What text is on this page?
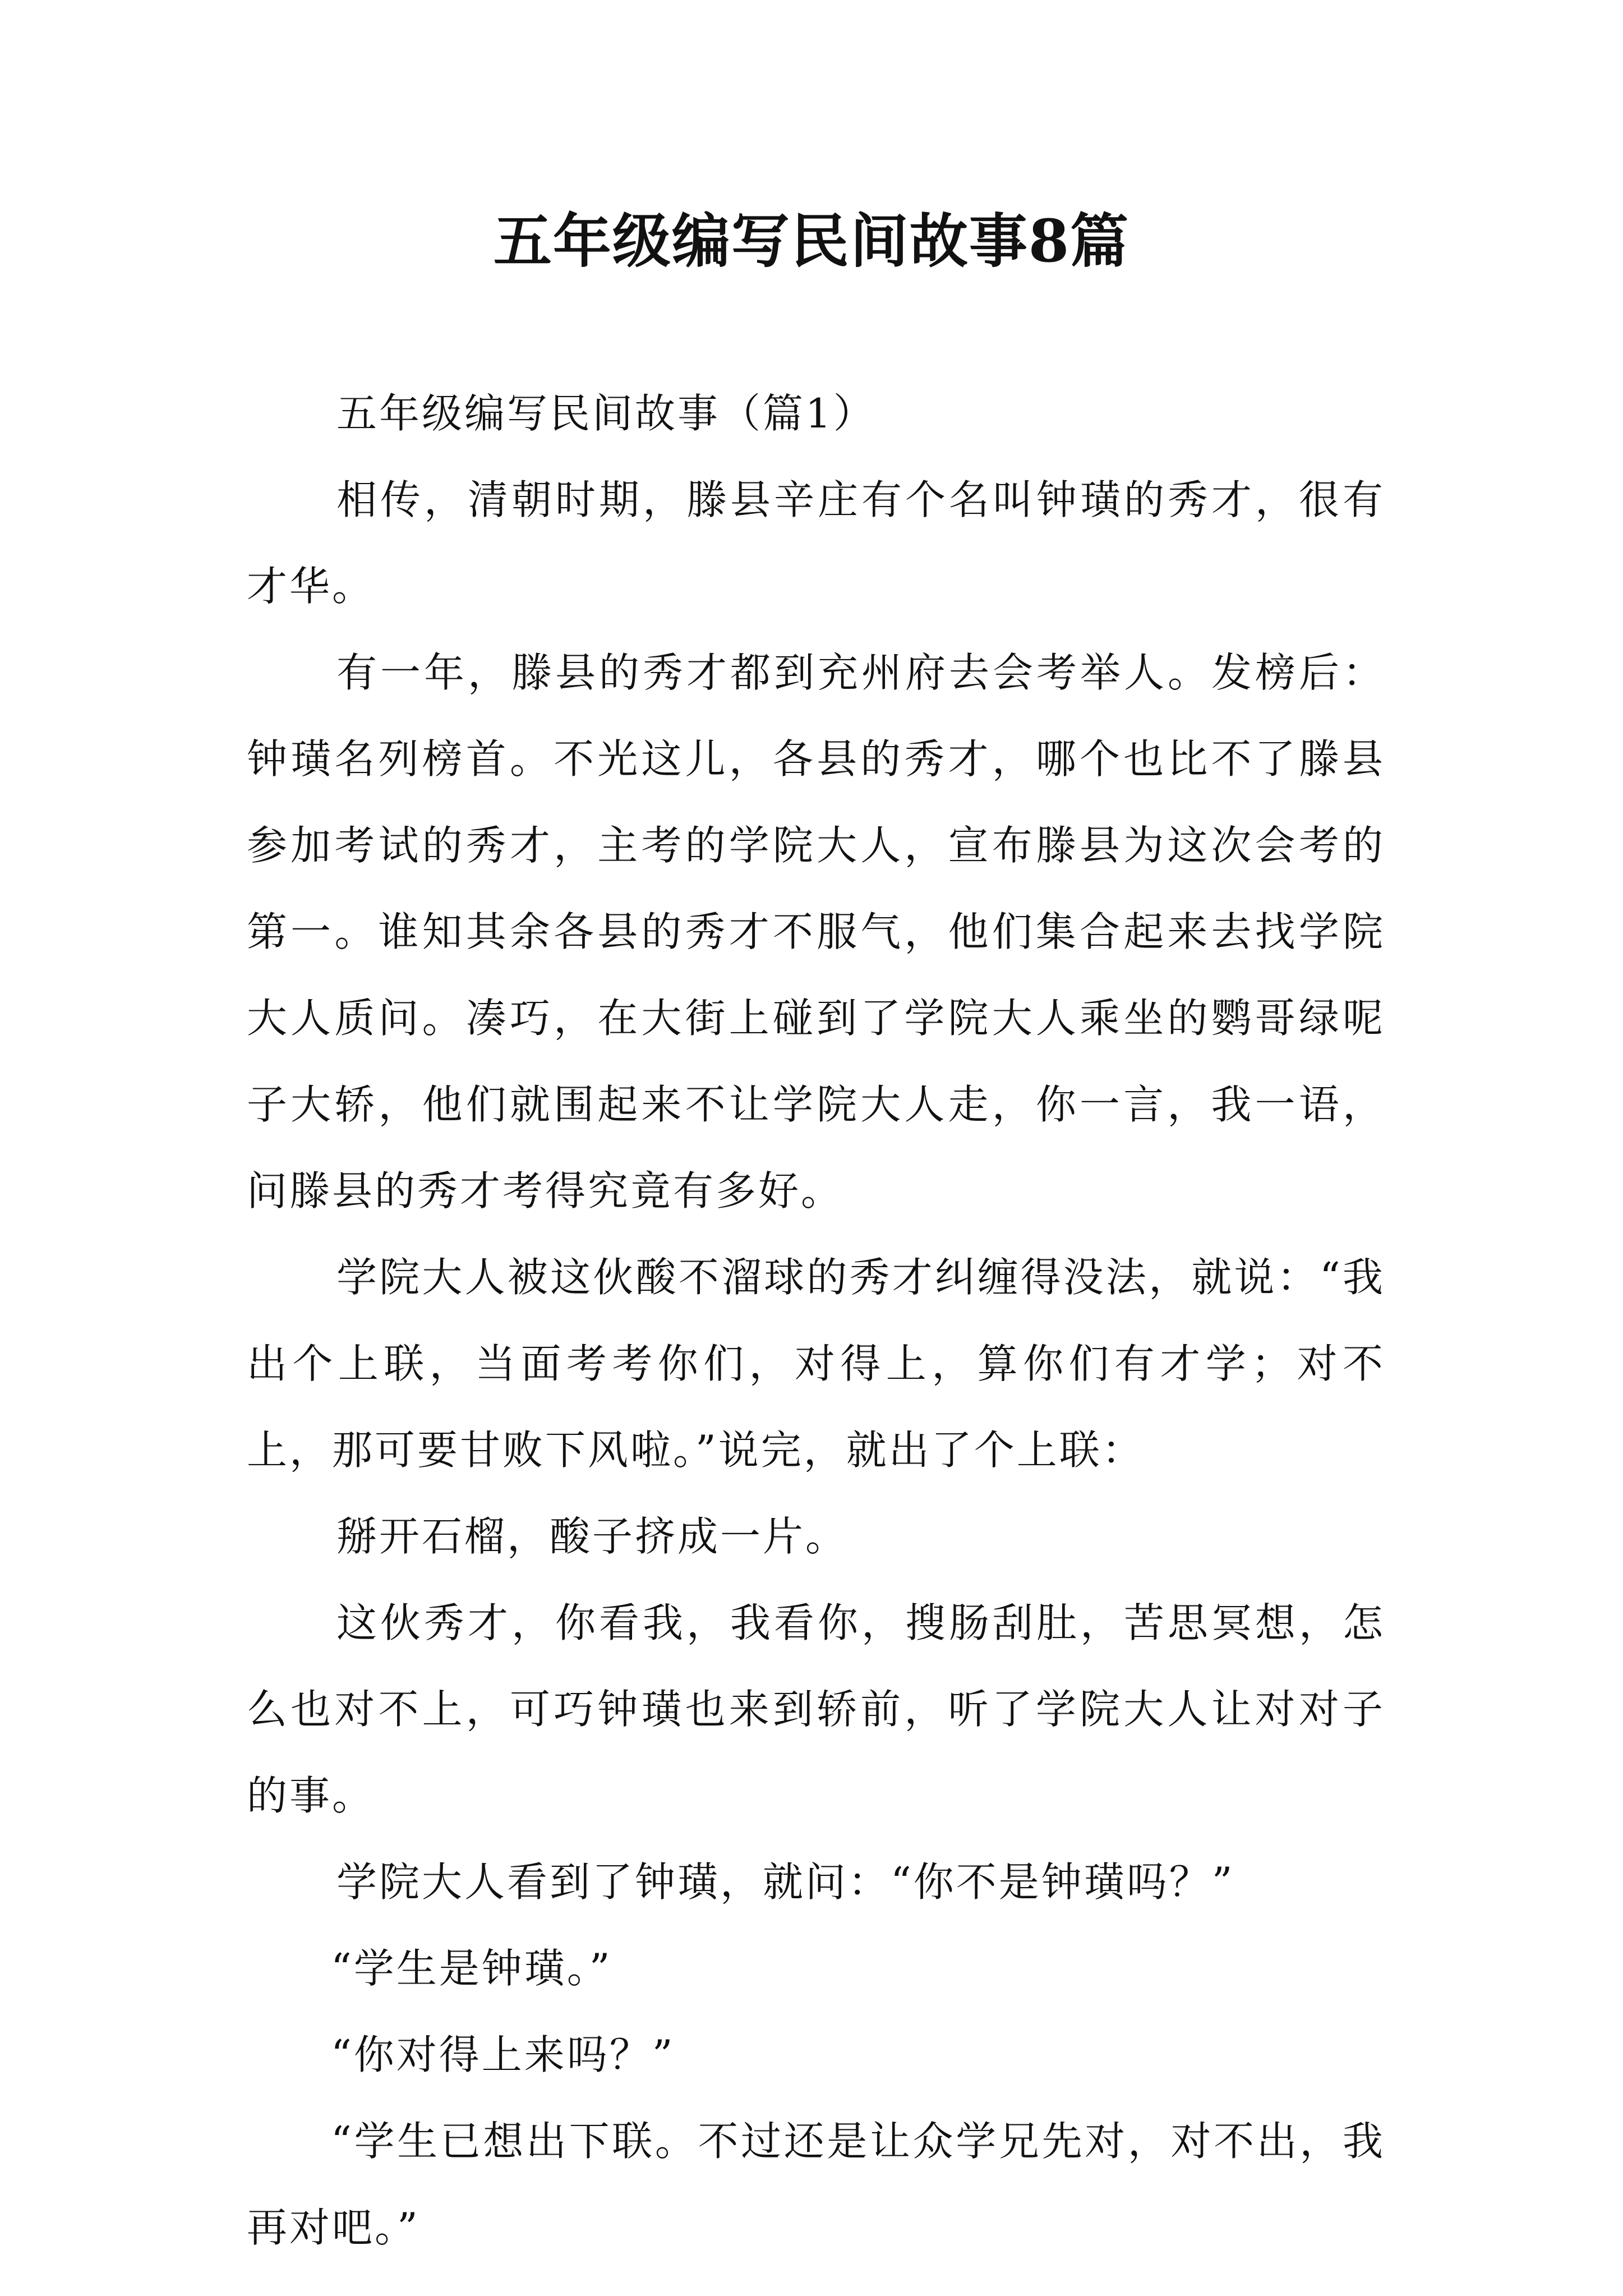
五年级编写民间故事8篇

五年级编写民间故事（篇1）

相传，清朝时期，滕县辛庄有个名叫钟璜的秀才，很有才华。

有一年，滕县的秀才都到充州府去会考举人。发榜后：钟璜名列榜首。不光这儿，各县的秀才，哪个也比不了滕县参加考试的秀才，主考的学院大人，宣布滕县为这次会考的第一。谁知其余各县的秀才不服气，他们集合起来去找学院大人质问。凑巧，在大街上碰到了学院大人乘坐的鹦哥绿呢子大轿，他们就围起来不让学院大人走，你一言，我一语，问滕县的秀才考得究竟有多好。

学院大人被这伙酸不溜球的秀才纠缠得没法，就说：“我出个上联，当面考考你们，对得上，算你们有才学；对不上，那可要甘败下风啦。”说完，就出了个上联：

掰开石榴，酸子挤成一片。

这伙秀才，你看我，我看你，搜肠刮肚，苦思冥想，怎么也对不上，可巧钟璜也来到轿前，听了学院大人让对对子的事。

学院大人看到了钟璜，就问：“你不是钟璜吗？”

“学生是钟璜。”

“你对得上来吗？”

“学生已想出下联。不过还是让众学兄先对，对不出，我再对吧。”
